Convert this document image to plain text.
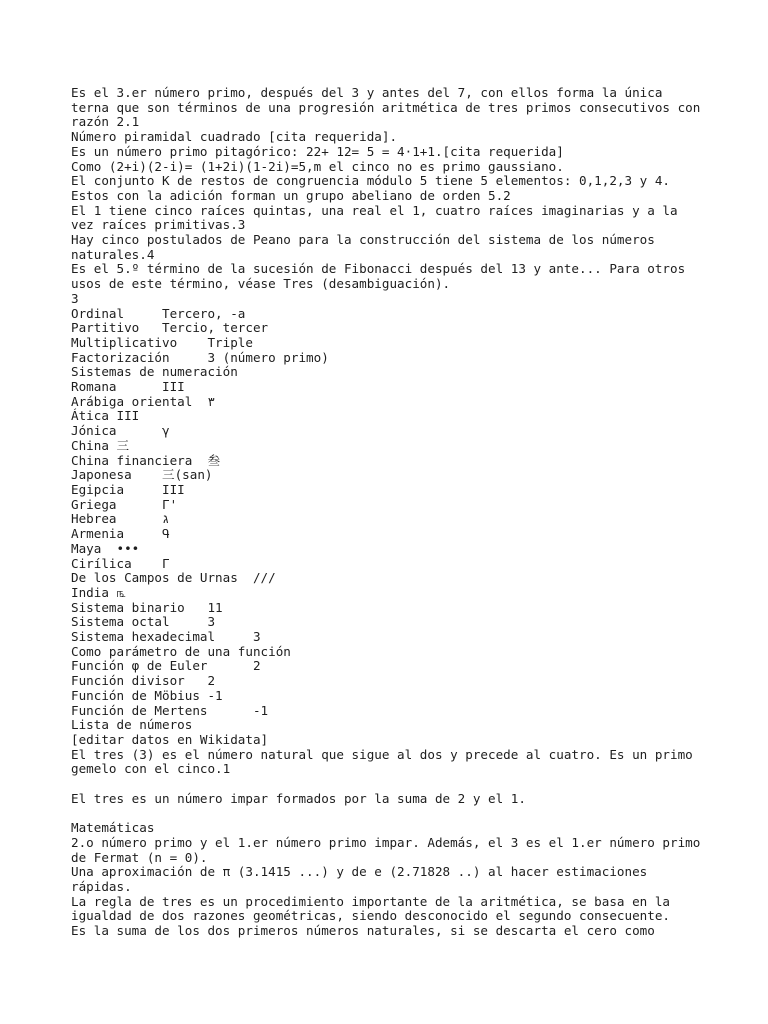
Es el 3.er número primo, después del 3 y antes del 7, con ellos forma la única
terna que son términos de una progresión aritmética de tres primos consecutivos con
razón 2.1
Número piramidal cuadrado [cita requerida].
Es un número primo pitagórico: 22+ 12= 5 = 4·1+1.[cita requerida]
Como (2+i)(2-i)= (1+2i)(1-2i)=5,m el cinco no es primo gaussiano.
El conjunto K de restos de congruencia módulo 5 tiene 5 elementos: 0,1,2,3 y 4.
Estos con la adición forman un grupo abeliano de orden 5.2
El 1 tiene cinco raíces quintas, una real el 1, cuatro raíces imaginarias y a la
vez raíces primitivas.3
Hay cinco postulados de Peano para la construcción del sistema de los números
naturales.4
Es el 5.º término de la sucesión de Fibonacci después del 13 y ante... Para otros
usos de este término, véase Tres (desambiguación).
3
Ordinal     Tercero, -a
Partitivo   Tercio, tercer
Multiplicativo    Triple
Factorización     3 (número primo)
Sistemas de numeración
Romana      III
Arábiga oriental  ٣
Ática III
Jónica      γ
China 三
China financiera  叁
Japonesa    三(san)
Egipcia     III
Griega      Γ'
Hebrea      ג
Armenia     Գ
Maya  •••
Cirílica    Г
De los Campos de Urnas  ///
India ௩
Sistema binario   11
Sistema octal     3
Sistema hexadecimal     3
Como parámetro de una función
Función φ de Euler      2
Función divisor   2
Función de Möbius -1
Función de Mertens      -1
Lista de números
[editar datos en Wikidata]
El tres (3) es el número natural que sigue al dos y precede al cuatro. Es un primo
gemelo con el cinco.1
El tres es un número impar formados por la suma de 2 y el 1.
Matemáticas
2.o número primo y el 1.er número primo impar. Además, el 3 es el 1.er número primo
de Fermat (n = 0).
Una aproximación de π (3.1415 ...) y de e (2.71828 ..) al hacer estimaciones
rápidas.
La regla de tres es un procedimiento importante de la aritmética, se basa en la
igualdad de dos razones geométricas, siendo desconocido el segundo consecuente.
Es la suma de los dos primeros números naturales, si se descarta el cero como
